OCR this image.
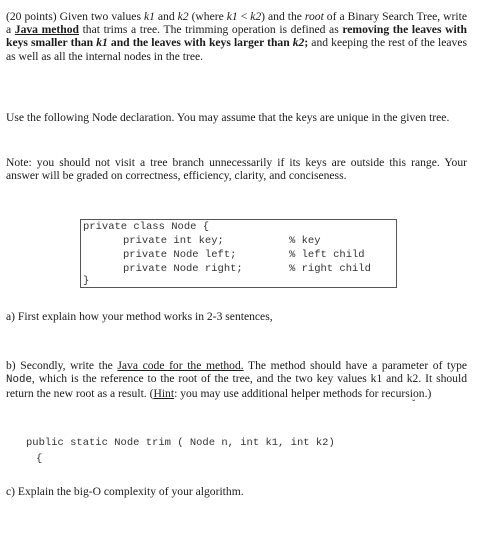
(20 points) Given two values k1 and k2 (where k1 < k2) and the root of a Binary Search Tree, write a Java method that trims a tree. The trimming operation is defined as removing the leaves with keys smaller than k1 and the leaves with keys larger than k2; and keeping the rest of the leaves as well as all the internal nodes in the tree.
Use the following Node declaration. You may assume that the keys are unique in the given tree.
Note: you should not visit a tree branch unnecessarily if its keys are outside this range. Your answer will be graded on correctness, efficiency, clarity, and conciseness.
private class Node {
private int key;
private Node left;
private Node right;
% key
% left child
% right child
}
a) First explain how your method works in 2-3 sentences,
b) Secondly, write the Java code for the method. The method should have a parameter of type Node, which is the reference to the root of the tree, and the two key values k1 and k2. It should return the new root as a result. (Hint: you may use additional helper methods for recursion.)
ˇ
public static Node trim ( Node n, int k1, int k2)
{
c) Explain the big-O complexity of your algorithm.
